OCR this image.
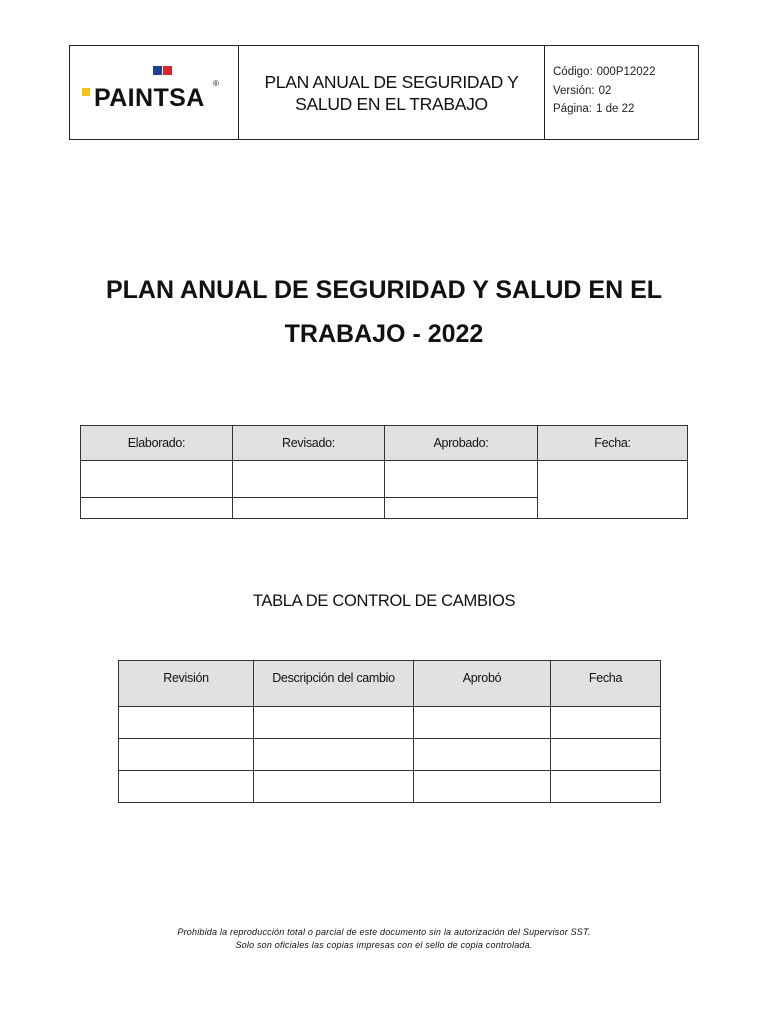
PAINTSA
®	PLAN ANUAL DE SEGURIDAD Y SALUD EN EL TRABAJO
Código: 000P12022
Versión: 02
Página: 1 de 22
PLAN ANUAL DE SEGURIDAD Y SALUD EN EL
TRABAJO - 2022
Elaborado:	Revisado:	Aprobado:	Fecha:

TABLA DE CONTROL DE CAMBIOS
Revisión	Descripción del cambio	Aprobó	Fecha

Prohibida la reproducción total o parcial de este documento sin la autorización del Supervisor SST.
Solo son oficiales las copias impresas con el sello de copia controlada.
